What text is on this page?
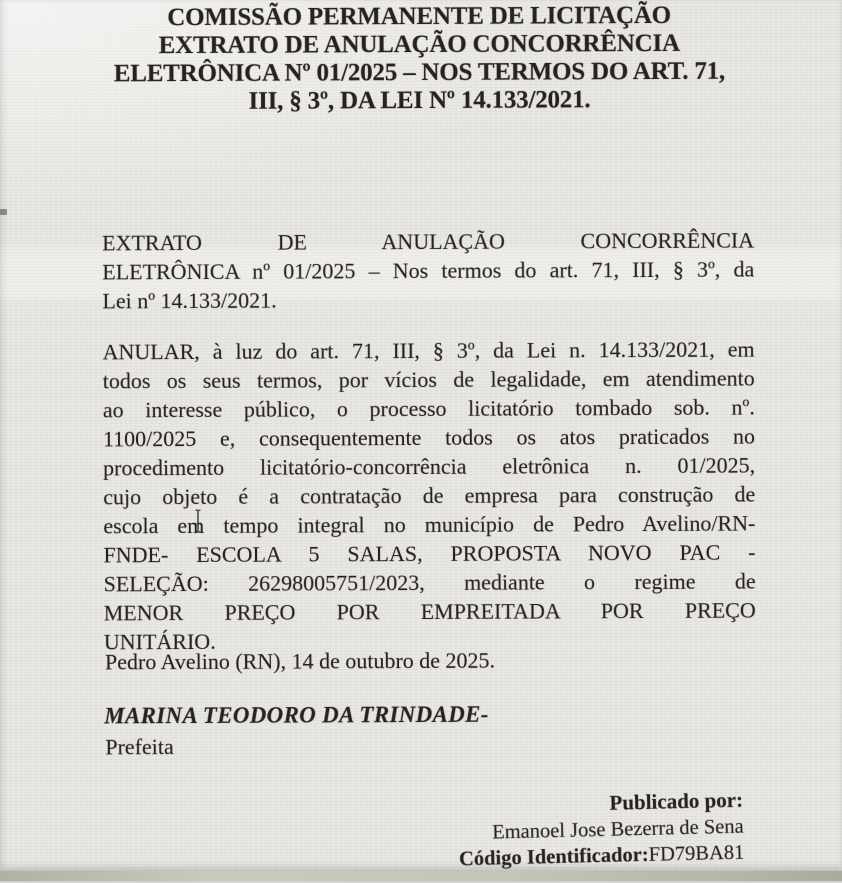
COMISSÃO PERMANENTE DE LICITAÇÃO
EXTRATO DE ANULAÇÃO CONCORRÊNCIA
ELETRÔNICA Nº 01/2025 – NOS TERMOS DO ART. 71,
III, § 3º, DA LEI Nº 14.133/2021.
EXTRATO DE ANULAÇÃO CONCORRÊNCIA
ELETRÔNICA nº 01/2025 – Nos termos do art. 71, III, § 3º, da
Lei nº 14.133/2021.
ANULAR, à luz do art. 71, III, § 3º, da Lei n. 14.133/2021, em
todos os seus termos, por vícios de legalidade, em atendimento
ao interesse público, o processo licitatório tombado sob. nº.
1100/2025 e, consequentemente todos os atos praticados no
procedimento licitatório-concorrência eletrônica n. 01/2025,
cujo objeto é a contratação de empresa para construção de
escola em tempo integral no município de Pedro Avelino/RN-
FNDE- ESCOLA 5 SALAS, PROPOSTA NOVO PAC -
SELEÇÃO: 26298005751/2023, mediante o regime de
MENOR PREÇO POR EMPREITADA POR PREÇO
UNITÁRIO.
Pedro Avelino (RN), 14 de outubro de 2025.
MARINA TEODORO DA TRINDADE-
Prefeita
Publicado por:
Emanoel Jose Bezerra de Sena
Código Identificador:FD79BA81
